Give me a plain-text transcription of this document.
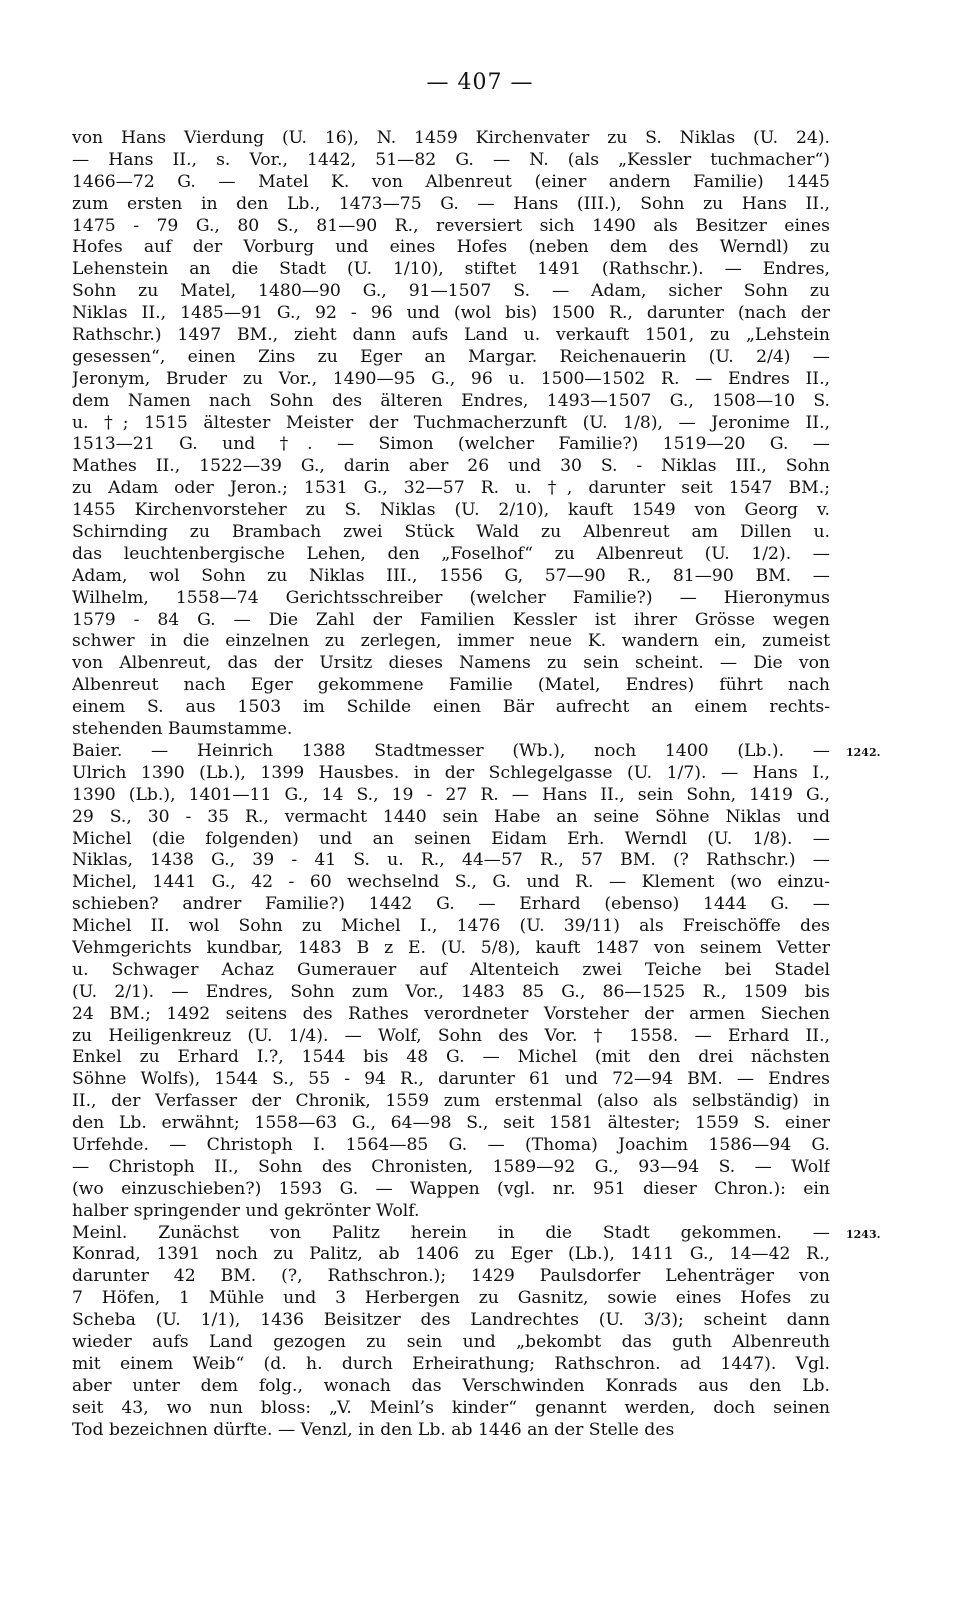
— 407 —
von Hans Vierdung (U. 16), N. 1459 Kirchenvater zu S. Niklas (U. 24).
— Hans II., s. Vor., 1442, 51—82 G. — N. (als „Kessler tuchmacher“)
1466—72 G. — Matel K. von Albenreut (einer andern Familie) 1445
zum ersten in den Lb., 1473—75 G. — Hans (III.), Sohn zu Hans II.,
1475 - 79 G., 80 S., 81—90 R., reversiert sich 1490 als Besitzer eines
Hofes auf der Vorburg und eines Hofes (neben dem des Werndl) zu
Lehenstein an die Stadt (U. 1/10), stiftet 1491 (Rathschr.). — Endres,
Sohn zu Matel, 1480—90 G., 91—1507 S. — Adam, sicher Sohn zu
Niklas II., 1485—91 G., 92 - 96 und (wol bis) 1500 R., darunter (nach der
Rathschr.) 1497 BM., zieht dann aufs Land u. verkauft 1501, zu „Lehstein
gesessen“, einen Zins zu Eger an Margar. Reichenauerin (U. 2/4) —
Jeronym, Bruder zu Vor., 1490—95 G., 96 u. 1500—1502 R. — Endres II.,
dem Namen nach Sohn des älteren Endres, 1493—1507 G., 1508—10 S.
u. †; 1515 ältester Meister der Tuchmacherzunft (U. 1/8), — Jeronime II.,
1513—21 G. und †. — Simon (welcher Familie?) 1519—20 G. —
Mathes II., 1522—39 G., darin aber 26 und 30 S. - Niklas III., Sohn
zu Adam oder Jeron.; 1531 G., 32—57 R. u. †, darunter seit 1547 BM.;
1455 Kirchenvorsteher zu S. Niklas (U. 2/10), kauft 1549 von Georg v.
Schirnding zu Brambach zwei Stück Wald zu Albenreut am Dillen u.
das leuchtenbergische Lehen, den „Foselhof“ zu Albenreut (U. 1/2). —
Adam, wol Sohn zu Niklas III., 1556 G, 57—90 R., 81—90 BM. —
Wilhelm, 1558—74 Gerichtsschreiber (welcher Familie?) — Hieronymus
1579 - 84 G. — Die Zahl der Familien Kessler ist ihrer Grösse wegen
schwer in die einzelnen zu zerlegen, immer neue K. wandern ein, zumeist
von Albenreut, das der Ursitz dieses Namens zu sein scheint. — Die von
Albenreut nach Eger gekommene Familie (Matel, Endres) führt nach
einem S. aus 1503 im Schilde einen Bär aufrecht an einem rechts-
stehenden Baumstamme.
Baier. — Heinrich 1388 Stadtmesser (Wb.), noch 1400 (Lb.). —
Ulrich 1390 (Lb.), 1399 Hausbes. in der Schlegelgasse (U. 1/7). — Hans I.,
1390 (Lb.), 1401—11 G., 14 S., 19 - 27 R. — Hans II., sein Sohn, 1419 G.,
29 S., 30 - 35 R., vermacht 1440 sein Habe an seine Söhne Niklas und
Michel (die folgenden) und an seinen Eidam Erh. Werndl (U. 1/8). —
Niklas, 1438 G., 39 - 41 S. u. R., 44—57 R., 57 BM. (? Rathschr.) —
Michel, 1441 G., 42 - 60 wechselnd S., G. und R. — Klement (wo einzu-
schieben? andrer Familie?) 1442 G. — Erhard (ebenso) 1444 G. —
Michel II. wol Sohn zu Michel I., 1476 (U. 39/11) als Freischöffe des
Vehmgerichts kundbar, 1483 B z E. (U. 5/8), kauft 1487 von seinem Vetter
u. Schwager Achaz Gumerauer auf Altenteich zwei Teiche bei Stadel
(U. 2/1). — Endres, Sohn zum Vor., 1483 85 G., 86—1525 R., 1509 bis
24 BM.; 1492 seitens des Rathes verordneter Vorsteher der armen Siechen
zu Heiligenkreuz (U. 1/4). — Wolf, Sohn des Vor. † 1558. — Erhard II.,
Enkel zu Erhard I.?, 1544 bis 48 G. — Michel (mit den drei nächsten
Söhne Wolfs), 1544 S., 55 - 94 R., darunter 61 und 72—94 BM. — Endres
II., der Verfasser der Chronik, 1559 zum erstenmal (also als selbständig) in
den Lb. erwähnt; 1558—63 G., 64—98 S., seit 1581 ältester; 1559 S. einer
Urfehde. — Christoph I. 1564—85 G. — (Thoma) Joachim 1586—94 G.
— Christoph II., Sohn des Chronisten, 1589—92 G., 93—94 S. — Wolf
(wo einzuschieben?) 1593 G. — Wappen (vgl. nr. 951 dieser Chron.): ein
halber springender und gekrönter Wolf.
Meinl. Zunächst von Palitz herein in die Stadt gekommen. —
Konrad, 1391 noch zu Palitz, ab 1406 zu Eger (Lb.), 1411 G., 14—42 R.,
darunter 42 BM. (?, Rathschron.); 1429 Paulsdorfer Lehenträger von
7 Höfen, 1 Mühle und 3 Herbergen zu Gasnitz, sowie eines Hofes zu
Scheba (U. 1/1), 1436 Beisitzer des Landrechtes (U. 3/3); scheint dann
wieder aufs Land gezogen zu sein und „bekombt das guth Albenreuth
mit einem Weib“ (d. h. durch Erheirathung; Rathschron. ad 1447). Vgl.
aber unter dem folg., wonach das Verschwinden Konrads aus den Lb.
seit 43, wo nun bloss: „V. Meinl’s kinder“ genannt werden, doch seinen
Tod bezeichnen dürfte. — Venzl, in den Lb. ab 1446 an der Stelle des
1242.
1243.
